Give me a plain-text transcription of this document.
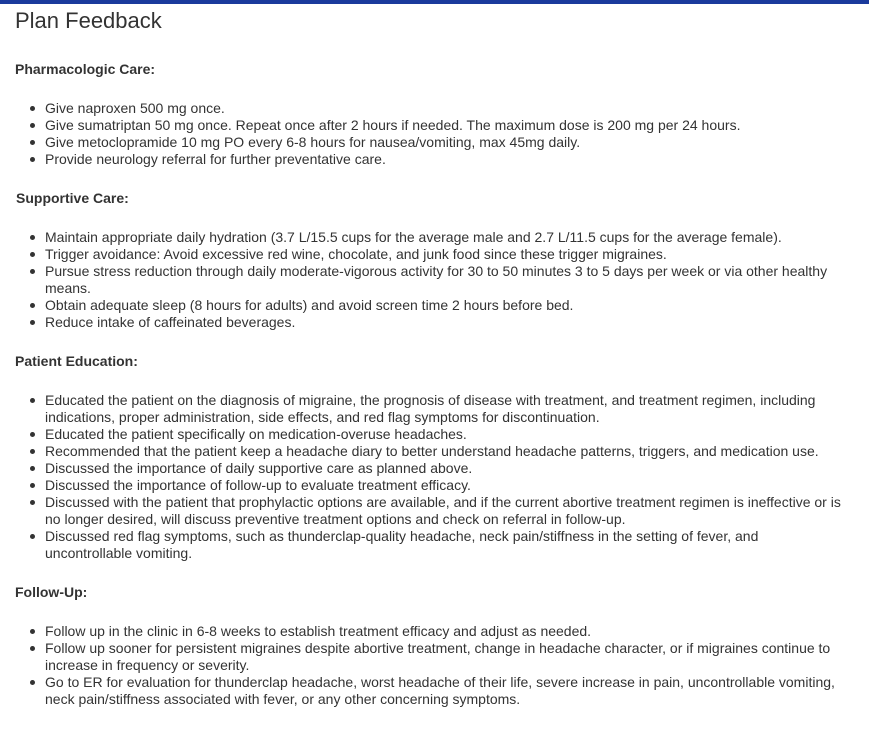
Plan Feedback
Pharmacologic Care:
Give naproxen 500 mg once.
Give sumatriptan 50 mg once. Repeat once after 2 hours if needed. The maximum dose is 200 mg per 24 hours.
Give metoclopramide 10 mg PO every 6-8 hours for nausea/vomiting, max 45mg daily.
Provide neurology referral for further preventative care.
Supportive Care:
Maintain appropriate daily hydration (3.7 L/15.5 cups for the average male and 2.7 L/11.5 cups for the average female).
Trigger avoidance: Avoid excessive red wine, chocolate, and junk food since these trigger migraines.
Pursue stress reduction through daily moderate-vigorous activity for 30 to 50 minutes 3 to 5 days per week or via other healthy means.
Obtain adequate sleep (8 hours for adults) and avoid screen time 2 hours before bed.
Reduce intake of caffeinated beverages.
Patient Education:
Educated the patient on the diagnosis of migraine, the prognosis of disease with treatment, and treatment regimen, including indications, proper administration, side effects, and red flag symptoms for discontinuation.
Educated the patient specifically on medication-overuse headaches.
Recommended that the patient keep a headache diary to better understand headache patterns, triggers, and medication use.
Discussed the importance of daily supportive care as planned above.
Discussed the importance of follow-up to evaluate treatment efficacy.
Discussed with the patient that prophylactic options are available, and if the current abortive treatment regimen is ineffective or is no longer desired, will discuss preventive treatment options and check on referral in follow-up.
Discussed red flag symptoms, such as thunderclap-quality headache, neck pain/stiffness in the setting of fever, and uncontrollable vomiting.
Follow-Up:
Follow up in the clinic in 6-8 weeks to establish treatment efficacy and adjust as needed.
Follow up sooner for persistent migraines despite abortive treatment, change in headache character, or if migraines continue to increase in frequency or severity.
Go to ER for evaluation for thunderclap headache, worst headache of their life, severe increase in pain, uncontrollable vomiting, neck pain/stiffness associated with fever, or any other concerning symptoms.
